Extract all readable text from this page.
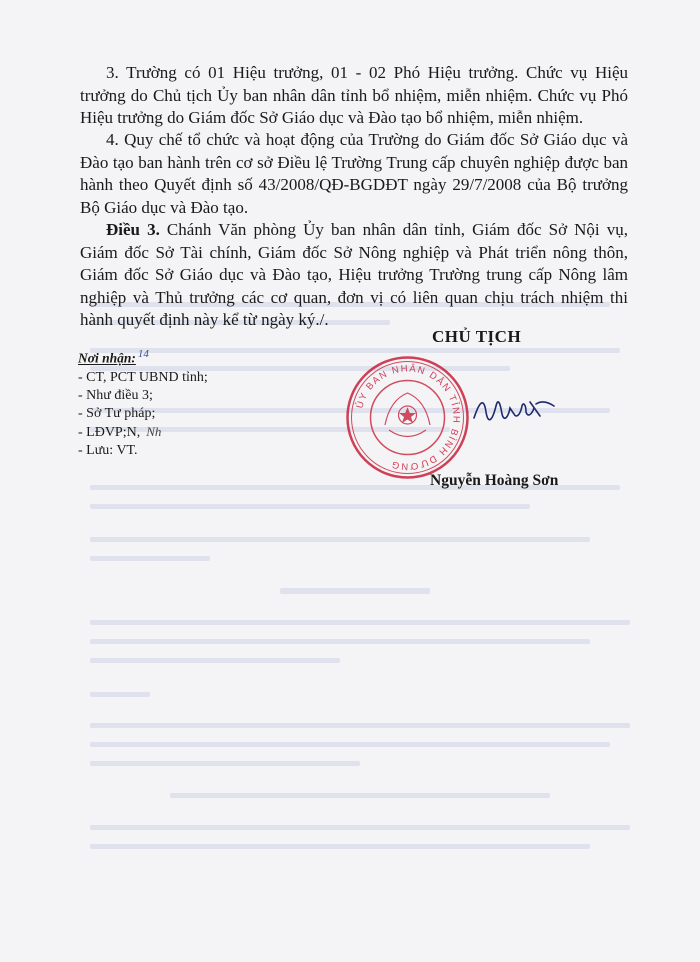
3. Trường có 01 Hiệu trưởng, 01 - 02 Phó Hiệu trưởng. Chức vụ Hiệu trưởng do Chủ tịch Ủy ban nhân dân tỉnh bổ nhiệm, miễn nhiệm. Chức vụ Phó Hiệu trưởng do Giám đốc Sở Giáo dục và Đào tạo bổ nhiệm, miễn nhiệm.
4. Quy chế tổ chức và hoạt động của Trường do Giám đốc Sở Giáo dục và Đào tạo ban hành trên cơ sở Điều lệ Trường Trung cấp chuyên nghiệp được ban hành theo Quyết định số 43/2008/QĐ-BGDĐT ngày 29/7/2008 của Bộ trưởng Bộ Giáo dục và Đào tạo.
Điều 3. Chánh Văn phòng Ủy ban nhân dân tỉnh, Giám đốc Sở Nội vụ, Giám đốc Sở Tài chính, Giám đốc Sở Nông nghiệp và Phát triển nông thôn, Giám đốc Sở Giáo dục và Đào tạo, Hiệu trưởng Trường trung cấp Nông lâm nghiệp và Thủ trưởng các cơ quan, đơn vị có liên quan chịu trách nhiệm thi hành quyết định này kể từ ngày ký./.
CHỦ TỊCH
Nơi nhận: $^{14}$
- CT, PCT UBND tỉnh;
- Như điều 3;
- Sở Tư pháp;
- LĐVP;N, Nh
- Lưu: VT.
ỦY BAN NHÂN DÂN TỈNH BÌNH DƯƠNG
Nguyễn Hoàng Sơn
